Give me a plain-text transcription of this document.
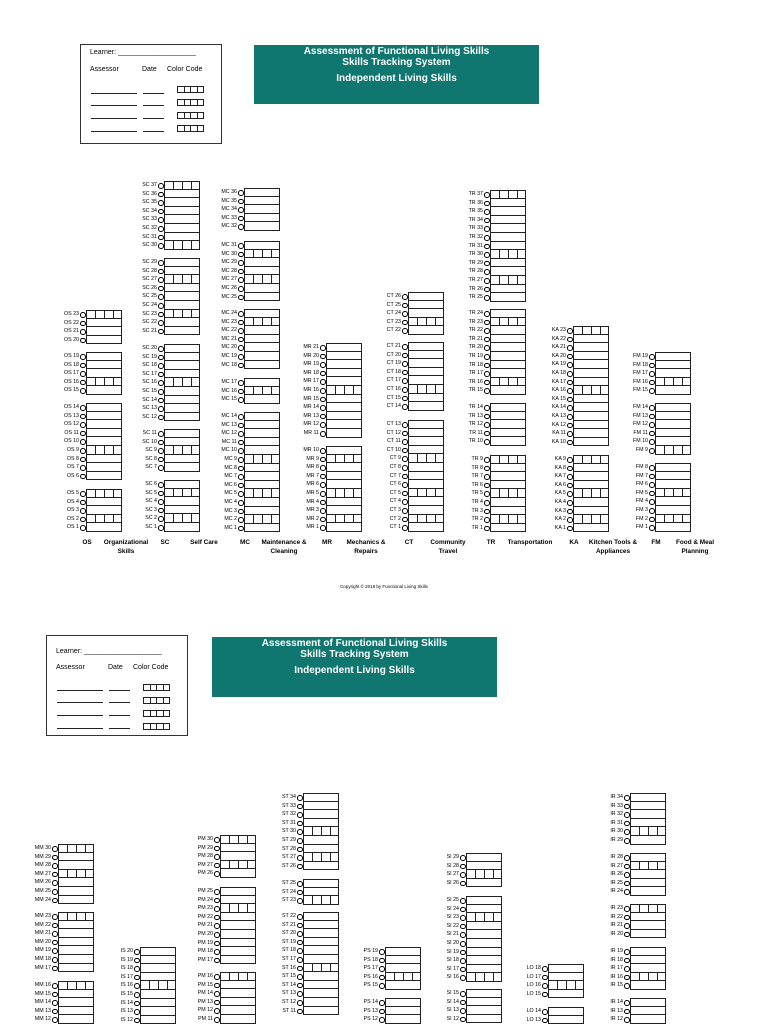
Learner: ____________________
Assessor	Date Color Code
Assessment of Functional Living Skills
Skills Tracking System
Independent Living Skills
OS 23
OS 22
OS 21
OS 20
OS 19
OS 18
OS 17
OS 16
OS 15
OS 14
OS 13
OS 12
OS 11
OS 10
OS 9
OS 8
OS 7
OS 6
OS 5
OS 4
OS 3
OS 2
OS 1
OS	Organizational Skills
SC 37
SC 36
SC 35
SC 34
SC 33
SC 32
SC 31
SC 30
SC 29
SC 28
SC 27
SC 26
SC 25
SC 24
SC 23
SC 22
SC 21
SC 20
SC 19
SC 18
SC 17
SC 16
SC 15
SC 14
SC 13
SC 12
SC 11
SC 10
SC 9
SC 8
SC 7
SC 6
SC 5
SC 4
SC 3
SC 2
SC 1
SC	Self Care
MC 36
MC 35
MC 34
MC 33
MC 32
MC 31
MC 30
MC 29
MC 28
MC 27
MC 26
MC 25
MC 24
MC 23
MC 22
MC 21
MC 20
MC 19
MC 18
MC 17
MC 16
MC 15
MC 14
MC 13
MC 12
MC 11
MC 10
MC 9
MC 8
MC 7
MC 6
MC 5
MC 4
MC 3
MC 2
MC 1
MC	Maintenance & Cleaning
MR 21
MR 20
MR 19
MR 18
MR 17
MR 16
MR 15
MR 14
MR 13
MR 12
MR 11
MR 10
MR 9
MR 8
MR 7
MR 6
MR 5
MR 4
MR 3
MR 2
MR 1
MR	Mechanics & Repairs
CT 26
CT 25
CT 24
CT 23
CT 22
CT 21
CT 20
CT 19
CT 18
CT 17
CT 16
CT 15
CT 14
CT 13
CT 12
CT 11
CT 10
CT 9
CT 8
CT 7
CT 6
CT 5
CT 4
CT 3
CT 2
CT 1
CT	Community Travel
TR 37
TR 36
TR 35
TR 34
TR 33
TR 32
TR 31
TR 30
TR 29
TR 28
TR 27
TR 26
TR 25
TR 24
TR 23
TR 22
TR 21
TR 20
TR 19
TR 18
TR 17
TR 16
TR 15
TR 14
TR 13
TR 12
TR 11
TR 10
TR 9
TR 8
TR 7
TR 6
TR 5
TR 4
TR 3
TR 2
TR 1
TR	Transportation
KA 23
KA 22
KA 21
KA 20
KA 19
KA 18
KA 17
KA 16
KA 15
KA 14
KA 13
KA 12
KA 11
KA 10
KA 9
KA 8
KA 7
KA 6
KA 5
KA 4
KA 3
KA 2
KA 1
KA	Kitchen Tools & Appliances
FM 19
FM 18
FM 17
FM 16
FM 15
FM 14
FM 13
FM 12
FM 11
FM 10
FM 9
FM 8
FM 7
FM 6
FM 5
FM 4
FM 3
FM 2
FM 1
FM	Food & Meal Planning
Copyright © 2018 by Functional Living Skills
Learner: ____________________
Assessor	Date Color Code
Assessment of Functional Living Skills
Skills Tracking System
Independent Living Skills
MM 30
MM 29
MM 28
MM 27
MM 26
MM 25
MM 24
MM 23
MM 22
MM 21
MM 20
MM 19
MM 18
MM 17
MM 16
MM 15
MM 14
MM 13
MM 12
IS 20
IS 19
IS 18
IS 17
IS 16
IS 15
IS 14
IS 13
IS 12
PM 30
PM 29
PM 28
PM 27
PM 26
PM 25
PM 24
PM 23
PM 22
PM 21
PM 20
PM 19
PM 18
PM 17
PM 16
PM 15
PM 14
PM 13
PM 12
PM 11
ST 34
ST 33
ST 32
ST 31
ST 30
ST 29
ST 28
ST 27
ST 26
ST 25
ST 24
ST 23
ST 22
ST 21
ST 20
ST 19
ST 18
ST 17
ST 16
ST 15
ST 14
ST 13
ST 12
ST 11
PS 19
PS 18
PS 17
PS 16
PS 15
PS 14
PS 13
PS 12
SI 29
SI 28
SI 27
SI 26
SI 25
SI 24
SI 23
SI 22
SI 21
SI 20
SI 19
SI 18
SI 17
SI 16
SI 15
SI 14
SI 13
SI 12
LO 18
LO 17
LO 16
LO 15
LO 14
LO 13
IR 34
IR 33
IR 32
IR 31
IR 30
IR 29
IR 28
IR 27
IR 26
IR 25
IR 24
IR 23
IR 22
IR 21
IR 20
IR 19
IR 18
IR 17
IR 16
IR 15
IR 14
IR 13
IR 12
